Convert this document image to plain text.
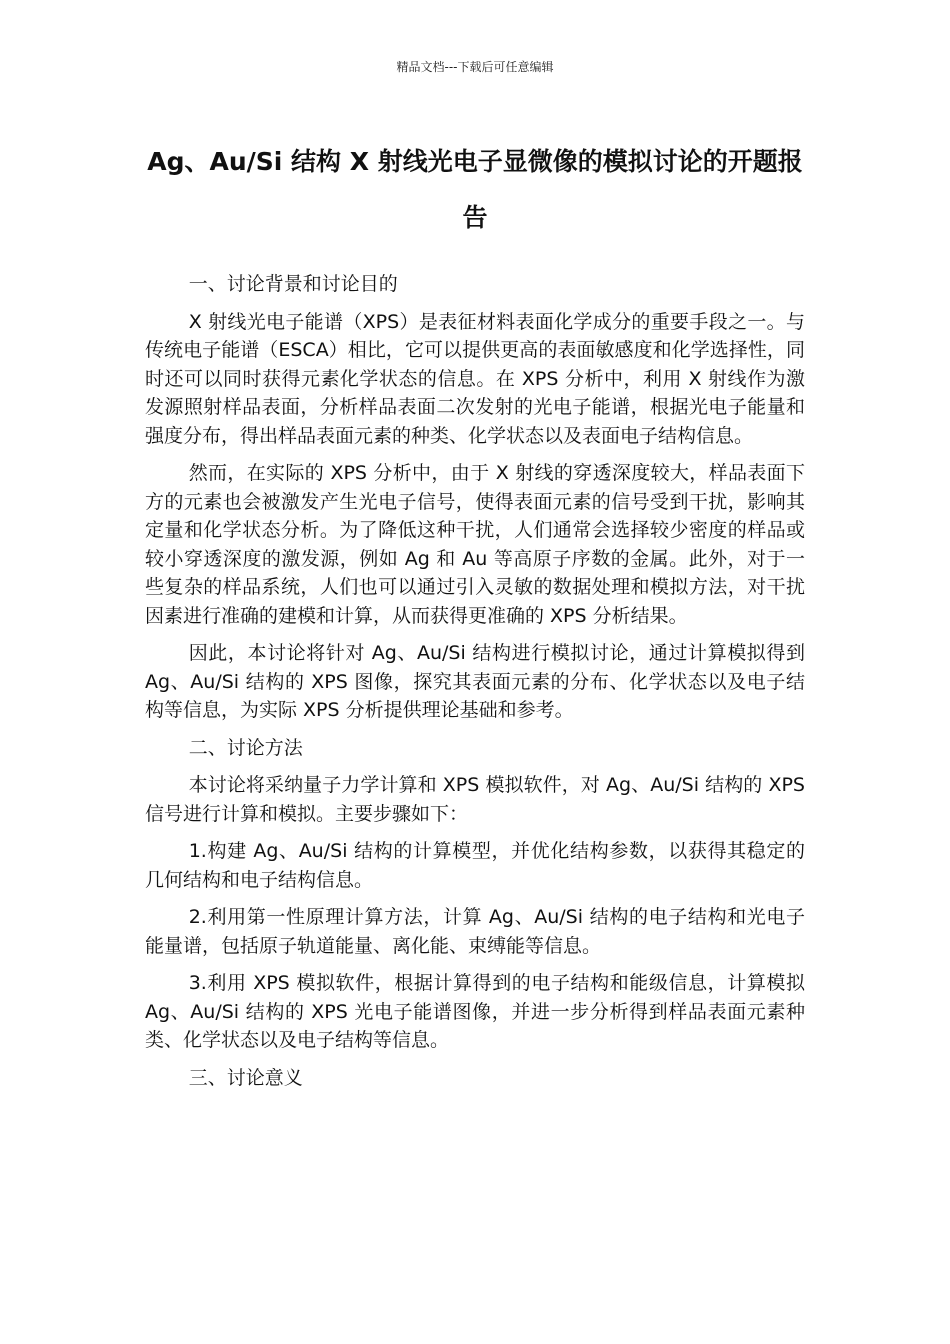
精品文档---下载后可任意编辑
Ag、Au/Si 结构 X 射线光电子显微像的模拟讨论的开题报告

一、讨论背景和讨论目的

X 射线光电子能谱（XPS）是表征材料表面化学成分的重要手段之一。与传统电子能谱（ESCA）相比，它可以提供更高的表面敏感度和化学选择性，同时还可以同时获得元素化学状态的信息。在 XPS 分析中，利用 X 射线作为激发源照射样品表面，分析样品表面二次发射的光电子能谱，根据光电子能量和强度分布，得出样品表面元素的种类、化学状态以及表面电子结构信息。

然而，在实际的 XPS 分析中，由于 X 射线的穿透深度较大，样品表面下方的元素也会被激发产生光电子信号，使得表面元素的信号受到干扰，影响其定量和化学状态分析。为了降低这种干扰，人们通常会选择较少密度的样品或较小穿透深度的激发源，例如 Ag 和 Au 等高原子序数的金属。此外，对于一些复杂的样品系统，人们也可以通过引入灵敏的数据处理和模拟方法，对干扰因素进行准确的建模和计算，从而获得更准确的 XPS 分析结果。

因此，本讨论将针对 Ag、Au/Si 结构进行模拟讨论，通过计算模拟得到 Ag、Au/Si 结构的 XPS 图像，探究其表面元素的分布、化学状态以及电子结构等信息，为实际 XPS 分析提供理论基础和参考。

二、讨论方法

本讨论将采纳量子力学计算和 XPS 模拟软件，对 Ag、Au/Si 结构的 XPS 信号进行计算和模拟。主要步骤如下：

1.构建 Ag、Au/Si 结构的计算模型，并优化结构参数，以获得其稳定的几何结构和电子结构信息。

2.利用第一性原理计算方法，计算 Ag、Au/Si 结构的电子结构和光电子能量谱，包括原子轨道能量、离化能、束缚能等信息。

3.利用 XPS 模拟软件，根据计算得到的电子结构和能级信息，计算模拟 Ag、Au/Si 结构的 XPS 光电子能谱图像，并进一步分析得到样品表面元素种类、化学状态以及电子结构等信息。

三、讨论意义
